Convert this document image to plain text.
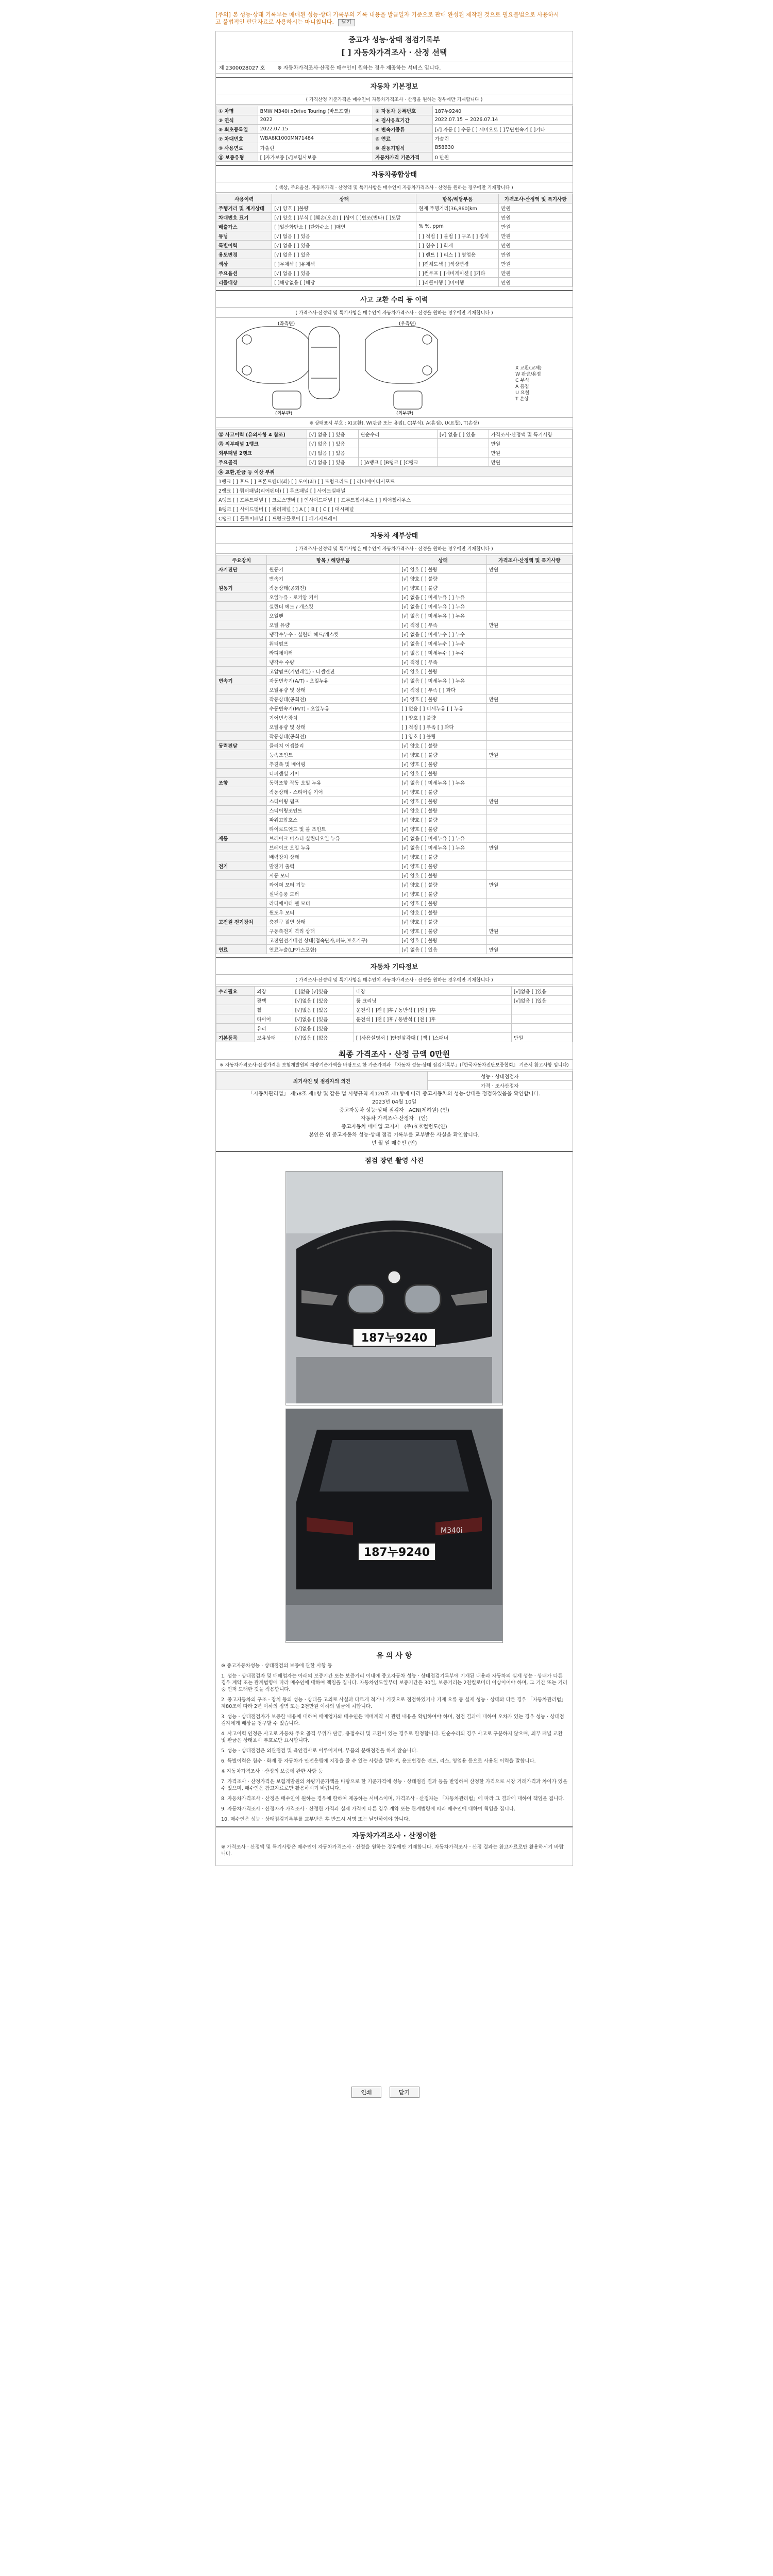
[주의] 본 성능·상태 기록부는 매매된 성능·상태 기록부의 기록 내용을 발급일자 기준으로 판매 완성된 제작된 것으로 필요불법으로 사용하시고 불법적인 판단자료로 사용하시는 마니칩니다. 닫기
중고자 성능·상태 점검기록부
[ ] 자동차가격조사 · 산정 선택
제 2300028027 호 ※ 자동차가격조사·산정은 매수인이 원하는 경우 제공하는 서비스 입니다.
자동차 기본정보
( 가격산정 기준가격은 매수인이 자동차가격조사 · 산정을 원하는 경우에만 기재합니다 )
① 차명	BMW M340i xDrive Touring (바트프렐)	② 자동차 등록번호	187누9240
③ 연식	2022	④ 검사유효기간	2022.07.15 ~ 2026.07.14
⑤ 최초등록일	2022.07.15	⑥ 변속기종류	[√] 자동 [ ] 수동 [ ] 세미오토 [ ]무단변속기 [ ]기타
⑦ 차대번호	WBA8K1000MN71484	⑧ 연료	가솔린
⑨ 사용연료	가솔린	⑩ 원동기형식	B58B30
⑪ 보증유형	[ ]자가보증 [√]보험사보증	자동차가격 기준가격	0 만원
자동차종합상태
( 색상, 주요옵션, 자동차가격 · 산정액 및 특기사항은 매수인이 자동차가격조사 · 산정을 원하는 경우에만 기재합니다 )
사용이력	상태	항목/해당부품	가격조사·산정액 및 특기사항
주행거리 및 계기상태	[√] 양호 [ ]불량	현재 주행거리[36,860]km	만원
차대번호 표기	[√] 양호 [ ]부식 [ ]훼손(오손) [ ]상이 [ ]변조(변타) [ ]도말		만원
배출가스	[ ]일산화탄소 [ ]탄화수소 [ ]매연	% %, ppm	만원
튜닝	[√] 없음 [ ] 있음	[ ] 적법 [ ] 불법 [ ] 구조 [ ] 장치	만원
특별이력	[√] 없음 [ ] 있음	[ ] 침수 [ ] 화재	만원
용도변경	[√] 없음 [ ] 있음	[ ] 렌트 [ ] 리스 [ ] 영업용	만원
색상	[ ]무채색 [ ]유채색	[ ]전체도색 [ ]색상변경	만원
주요옵션	[√] 없음 [ ] 있음	[ ]썬루프 [ ]네비게이션 [ ]기타	만원
리콜대상	[ ]해당없음 [ ]해당	[ ]리콜이행 [ ]미이행	만원
사고 교환 수리 등 이력
( 가격조사·산정액 및 특기사항은 매수인이 자동차가격조사 · 산정을 원하는 경우에만 기재합니다 )
(좌측면)	(우측면)
(외부판)	(외부판)
X 교환(교체)
W 판금/용접
C 부식
A 흠집
U 요철
T 손상
※ 상태표시 부호 : X(교환), W(판금 또는 용접), C(부식), A(흠집), U(요철), T(손상)
⑫ 사고이력 (유의사항 4 참조)	[√] 없음 [ ] 있음	단순수리	[√] 없음 [ ] 있음	가격조사·산정액 및 특기사항
⑬ 외부패널 1랭크	[√] 없음 [ ] 있음			만원
외부패널 2랭크	[√] 없음 [ ] 있음			만원
주요골격	[√] 없음 [ ] 있음	[ ]A랭크 [ ]B랭크 [ ]C랭크		만원
⑭ 교환,판금 등 이상 부위
1랭크 [ ] 후드 [ ] 프론트펜더(좌) [ ] 도어(좌) [ ] 트렁크리드 [ ] 라디에이터서포트
2랭크 [ ] 쿼터패널(리어펜더) [ ] 루프패널 [ ] 사이드실패널
A랭크 [ ] 프론트패널 [ ] 크로스멤버 [ ] 인사이드패널 [ ] 프론트휠하우스 [ ] 리어휠하우스
B랭크 [ ] 사이드멤버 [ ] 필러패널 [ ] A [ ] B [ ] C [ ] 대시패널
C랭크 [ ] 플로어패널 [ ] 트렁크플로어 [ ] 패키지트레이
자동차 세부상태
( 가격조사·산정액 및 특기사항은 매수인이 자동차가격조사 · 산정을 원하는 경우에만 기재합니다 )
주요장치	항목 / 해당부품	상태	가격조사·산정액 및 특기사항
자기진단	원동기	[√] 양호 [ ] 불량	만원
	변속기	[√] 양호 [ ] 불량	
원동기	작동상태(공회전)	[√] 양호 [ ] 불량	
	오일누유 - 로커암 커버	[√] 없음 [ ] 미세누유 [ ] 누유	
	실린더 헤드 / 개스킷	[√] 없음 [ ] 미세누유 [ ] 누유	
	오일팬	[√] 없음 [ ] 미세누유 [ ] 누유	
	오일 유량	[√] 적정 [ ] 부족	만원
	냉각수누수 - 실린더 헤드/개스킷	[√] 없음 [ ] 미세누수 [ ] 누수	
	워터펌프	[√] 없음 [ ] 미세누수 [ ] 누수	
	라디에이터	[√] 없음 [ ] 미세누수 [ ] 누수	
	냉각수 수량	[√] 적정 [ ] 부족	
	고압펌프(커먼레일) - 디젤엔진	[√] 양호 [ ] 불량	
변속기	자동변속기(A/T) - 오일누유	[√] 없음 [ ] 미세누유 [ ] 누유	
	오일유량 및 상태	[√] 적정 [ ] 부족 [ ] 과다	
	작동상태(공회전)	[√] 양호 [ ] 불량	만원
	수동변속기(M/T) - 오일누유	[ ] 없음 [ ] 미세누유 [ ] 누유	
	기어변속장치	[ ] 양호 [ ] 불량	
	오일유량 및 상태	[ ] 적정 [ ] 부족 [ ] 과다	
	작동상태(공회전)	[ ] 양호 [ ] 불량	
동력전달	클러치 어셈블리	[√] 양호 [ ] 불량	
	등속조인트	[√] 양호 [ ] 불량	만원
	추진축 및 베어링	[√] 양호 [ ] 불량	
	디퍼렌셜 기어	[√] 양호 [ ] 불량	
조향	동력조향 작동 오일 누유	[√] 없음 [ ] 미세누유 [ ] 누유	
	작동상태 - 스티어링 기어	[√] 양호 [ ] 불량	
	스티어링 펌프	[√] 양호 [ ] 불량	만원
	스티어링조인트	[√] 양호 [ ] 불량	
	파워고압호스	[√] 양호 [ ] 불량	
	타이로드엔드 및 볼 조인트	[√] 양호 [ ] 불량	
제동	브레이크 마스터 실린더오일 누유	[√] 없음 [ ] 미세누유 [ ] 누유	
	브레이크 오일 누유	[√] 없음 [ ] 미세누유 [ ] 누유	만원
	배력장치 상태	[√] 양호 [ ] 불량	
전기	발전기 출력	[√] 양호 [ ] 불량	
	시동 모터	[√] 양호 [ ] 불량	
	와이퍼 모터 기능	[√] 양호 [ ] 불량	만원
	실내송풍 모터	[√] 양호 [ ] 불량	
	라디에이터 팬 모터	[√] 양호 [ ] 불량	
	윈도우 모터	[√] 양호 [ ] 불량	
고전원 전기장치	충전구 절연 상태	[√] 양호 [ ] 불량	
	구동축전지 격리 상태	[√] 양호 [ ] 불량	만원
	고전원전기배선 상태(접속단자,피복,보호기구)	[√] 양호 [ ] 불량	
연료	연료누출(LP가스포함)	[√] 없음 [ ] 있음	만원
자동차 기타정보
( 가격조사·산정액 및 특기사항은 매수인이 자동차가격조사 · 산정을 원하는 경우에만 기재합니다 )
수리필요	외장	[ ]없음 [√]있음	내장	[√]없음 [ ]있음
	광택	[√]없음 [ ]있음	룸 크리닝	[√]없음 [ ]있음
	휠	[√]없음 [ ]있음	운전석 [ ]전 [ ]후 / 동반석 [ ]전 [ ]후	
	타이어	[√]없음 [ ]있음	운전석 [ ]전 [ ]후 / 동반석 [ ]전 [ ]후	
	유리	[√]없음 [ ]있음		
기본품목	보유상태	[√]있음 [ ]없음	[ ]사용설명서 [ ]안전삼각대 [ ]잭 [ ]스패너	만원
최종 가격조사 · 산정 금액 0만원
※ 자동차가격조사·산정가격은 보험개발원의 차량기준가액을 바탕으로 한 가준가격과 「자동차 성능·상태 점검기록부」(『한국자동차진단보증협회』 기준서 참고사항 입니다)
최기사진 및 점검자의 의견	성능 · 상태점검자
가격 · 조사산정자
「자동차관리법」 제58조 제1항 및 같은 법 시행규칙 제120조 제1항에 따라 중고자동차의 성능·상태를 점검하였음을 확인합니다.
2023년 04월 10일
중고자동차 성능·상태 점검자 ACN(제하원) (인)
자동차 가격조사·산정자 (인)
중고자동차 매매업 고지자 (주)효호컬럼도(인)
본인은 위 중고자동차 성능·상태 점검 기록부를 교부받은 사실을 확인합니다.
년 월 일 매수인 (인)
점검 장면 촬영 사진
187누9240
187누9240
M340i
유 의 사 항

※ 중고자동차성능 · 상태점검의 보증에 관한 사항 등

1. 성능 · 상태점검자 및 매매업자는 아래의 보증기간 또는 보증거리 이내에 중고자동차 성능 · 상태점검기록부에 기재된 내용과 자동차의 실제 성능 · 상태가 다른 경우 계약 또는 관계법령에 따라 매수인에 대하여 책임을 집니다. 자동차인도일부터 보증기간은 30일, 보증거리는 2천킬로미터 이상이어야 하며, 그 기간 또는 거리 중 먼저 도래한 것을 적용합니다.

2. 중고자동차의 구조 · 장치 등의 성능 · 상태를 고의로 사실과 다르게 적거나 거짓으로 점검하였거나 기재 오류 등 실제 성능 · 상태와 다른 경우 「자동차관리법」 제80조에 따라 2년 이하의 징역 또는 2천만원 이하의 벌금에 처합니다.

3. 성능 · 상태점검자가 보증한 내용에 대하여 매매업자와 매수인은 매매계약 시 관련 내용을 확인하여야 하며, 점검 결과에 대하여 오차가 있는 경우 성능 · 상태점검자에게 배상을 청구할 수 있습니다.

4. 사고이력 인정은 사고로 자동차 주요 골격 부위가 판금, 용접수리 및 교환이 있는 경우로 한정합니다. 단순수리의 경우 사고로 구분하지 않으며, 외부 패널 교환 및 판금은 상태표시 부호로만 표시합니다.

5. 성능 · 상태점검은 외관점검 및 육안검사로 이루어지며, 부품의 분해점검을 하지 않습니다.

6. 특별이력은 침수 · 화재 등 자동차가 안전운행에 지장을 줄 수 있는 사항을 말하며, 용도변경은 렌트, 리스, 영업용 등으로 사용된 이력을 말합니다.

※ 자동차가격조사 · 산정의 보증에 관한 사항 등

7. 가격조사 · 산정가격은 보험개발원의 차량기준가액을 바탕으로 한 기준가격에 성능 · 상태점검 결과 등을 반영하여 산정한 가격으로 시장 거래가격과 차이가 있을 수 있으며, 매수인은 참고자료로만 활용하시기 바랍니다.

8. 자동차가격조사 · 산정은 매수인이 원하는 경우에 한하여 제공하는 서비스이며, 가격조사 · 산정자는 「자동차관리법」에 따라 그 결과에 대하여 책임을 집니다.

9. 자동차가격조사 · 산정자가 가격조사 · 산정한 가격과 실제 가격이 다른 경우 계약 또는 관계법령에 따라 매수인에 대하여 책임을 집니다.

10. 매수인은 성능 · 상태점검기록부를 교부받은 후 반드시 서명 또는 날인하여야 합니다.

자동차가격조사 · 산정이한
※ 가격조사 · 산정액 및 특기사항은 매수인이 자동차가격조사 · 산정을 원하는 경우에만 기재합니다. 자동차가격조사 · 산정 결과는 참고자료로만 활용하시기 바랍니다.
인쇄	닫기
